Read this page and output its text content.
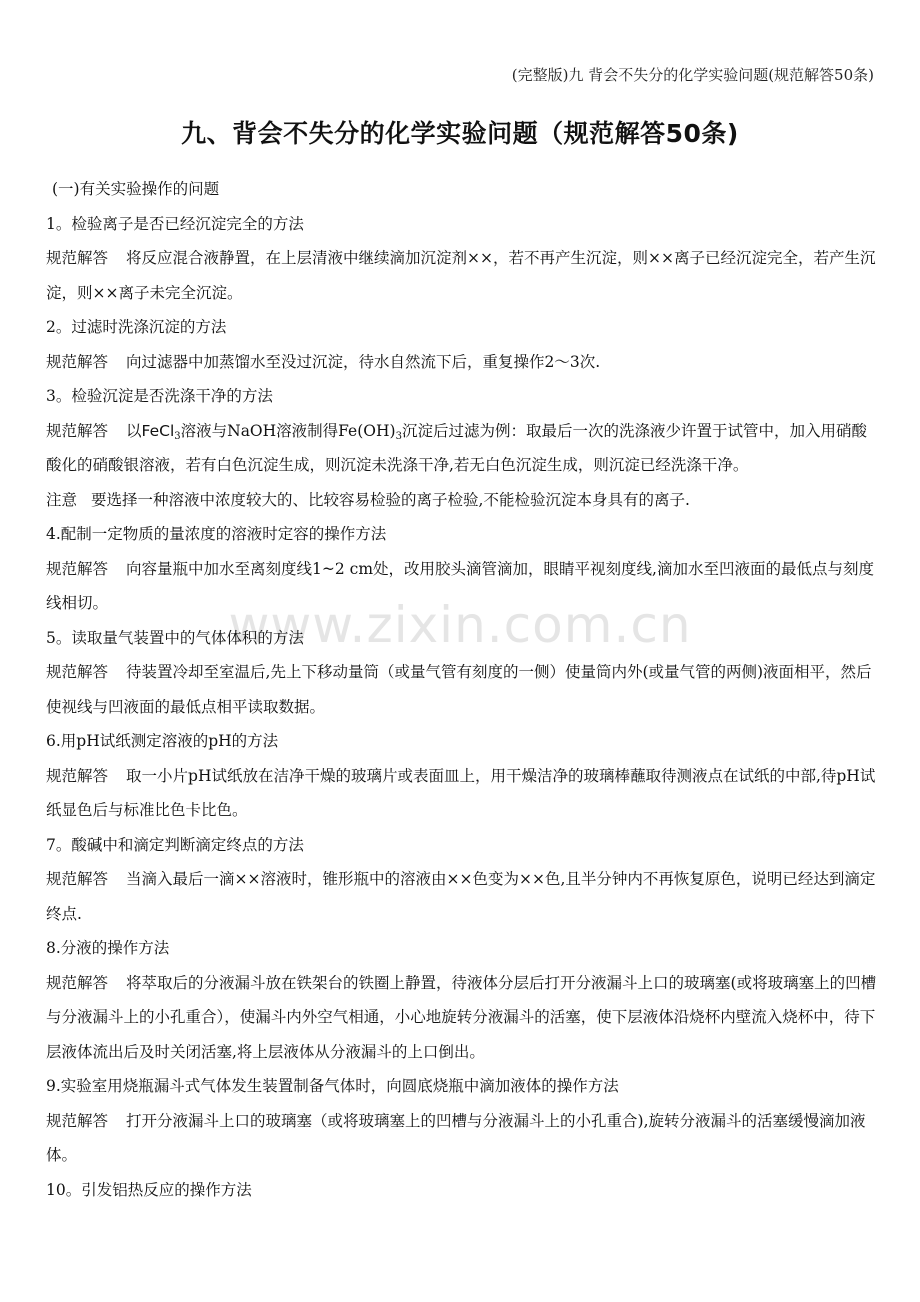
(完整版)九 背会不失分的化学实验问题(规范解答50条)
九、背会不失分的化学实验问题（规范解答50条)
www.zixin.com.cn

(一)有关实验操作的问题

1。检验离子是否已经沉淀完全的方法

规范解答 将反应混合液静置，在上层清液中继续滴加沉淀剂××，若不再产生沉淀，则××离子已经沉淀完全，若产生沉淀，则××离子未完全沉淀。

2。过滤时洗涤沉淀的方法

规范解答 向过滤器中加蒸馏水至没过沉淀，待水自然流下后，重复操作2～3次.

3。检验沉淀是否洗涤干净的方法

规范解答 以FeCl$_3$溶液与NaOH溶液制得$Fe(OH)_3$沉淀后过滤为例：取最后一次的洗涤液少许置于试管中，加入用硝酸酸化的硝酸银溶液，若有白色沉淀生成，则沉淀未洗涤干净,若无白色沉淀生成，则沉淀已经洗涤干净。

注意 要选择一种溶液中浓度较大的、比较容易检验的离子检验,不能检验沉淀本身具有的离子.

4.配制一定物质的量浓度的溶液时定容的操作方法

规范解答 向容量瓶中加水至离刻度线1~2 cm处，改用胶头滴管滴加，眼睛平视刻度线,滴加水至凹液面的最低点与刻度线相切。

5。读取量气装置中的气体体积的方法

规范解答 待装置冷却至室温后,先上下移动量筒（或量气管有刻度的一侧）使量筒内外(或量气管的两侧)液面相平，然后使视线与凹液面的最低点相平读取数据。

6.用pH试纸测定溶液的pH的方法

规范解答 取一小片pH试纸放在洁净干燥的玻璃片或表面皿上，用干燥洁净的玻璃棒蘸取待测液点在试纸的中部,待pH试纸显色后与标准比色卡比色。

7。酸碱中和滴定判断滴定终点的方法

规范解答 当滴入最后一滴××溶液时，锥形瓶中的溶液由××色变为××色,且半分钟内不再恢复原色，说明已经达到滴定终点.

8.分液的操作方法

规范解答 将萃取后的分液漏斗放在铁架台的铁圈上静置，待液体分层后打开分液漏斗上口的玻璃塞(或将玻璃塞上的凹槽与分液漏斗上的小孔重合），使漏斗内外空气相通，小心地旋转分液漏斗的活塞，使下层液体沿烧杯内壁流入烧杯中，待下层液体流出后及时关闭活塞,将上层液体从分液漏斗的上口倒出。

9.实验室用烧瓶漏斗式气体发生装置制备气体时，向圆底烧瓶中滴加液体的操作方法

规范解答 打开分液漏斗上口的玻璃塞（或将玻璃塞上的凹槽与分液漏斗上的小孔重合),旋转分液漏斗的活塞缓慢滴加液体。

10。引发铝热反应的操作方法
